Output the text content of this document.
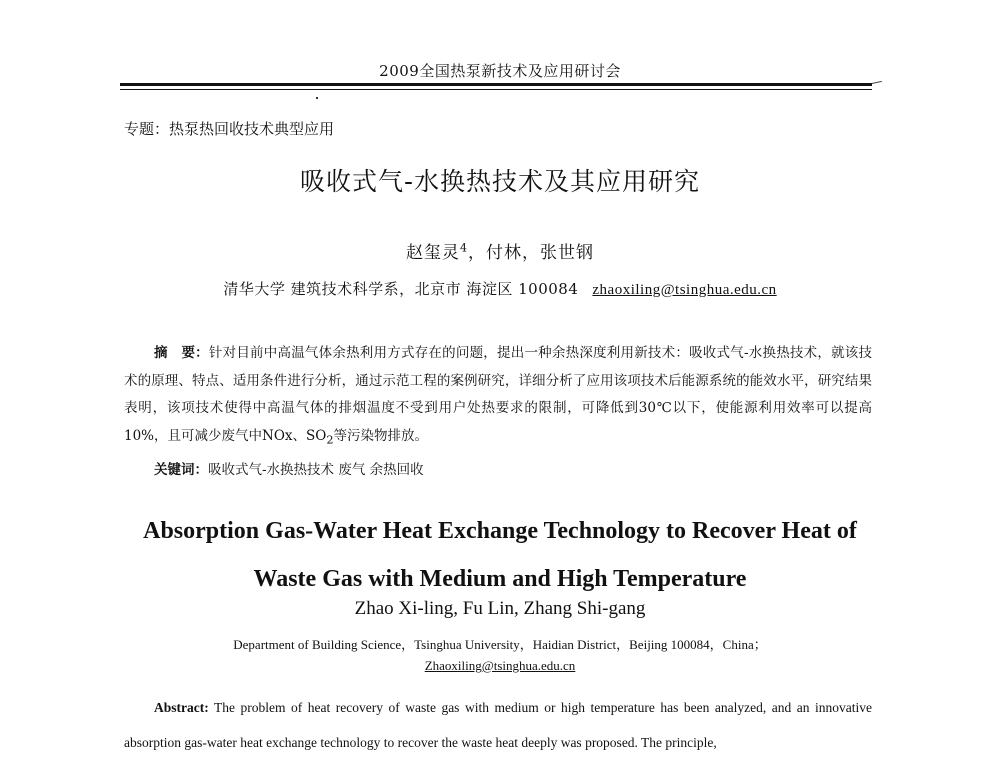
2009全国热泵新技术及应用研讨会
专题：热泵热回收技术典型应用
吸收式气-水换热技术及其应用研究
赵玺灵$^4$，付林，张世钢
清华大学 建筑技术科学系，北京市 海淀区 100084 zhaoxiling@tsinghua.edu.cn
摘　要：针对目前中高温气体余热利用方式存在的问题，提出一种余热深度利用新技术：吸收式气-水换热技术，就该技术的原理、特点、适用条件进行分析，通过示范工程的案例研究，详细分析了应用该项技术后能源系统的能效水平，研究结果表明，该项技术使得中高温气体的排烟温度不受到用户处热要求的限制，可降低到30℃以下，使能源利用效率可以提高10%，且可减少废气中NOx、$SO_2$等污染物排放。
关键词：吸收式气-水换热技术 废气 余热回收
Absorption Gas-Water Heat Exchange Technology to Recover Heat of
Waste Gas with Medium and High Temperature
Zhao Xi-ling, Fu Lin, Zhang Shi-gang
Department of Building Science，Tsinghua University，Haidian District，Beijing 100084，China；
Zhaoxiling@tsinghua.edu.cn
Abstract: The problem of heat recovery of waste gas with medium or high temperature has been analyzed, and an innovative absorption gas-water heat exchange technology to recover the waste heat deeply was proposed. The principle,
